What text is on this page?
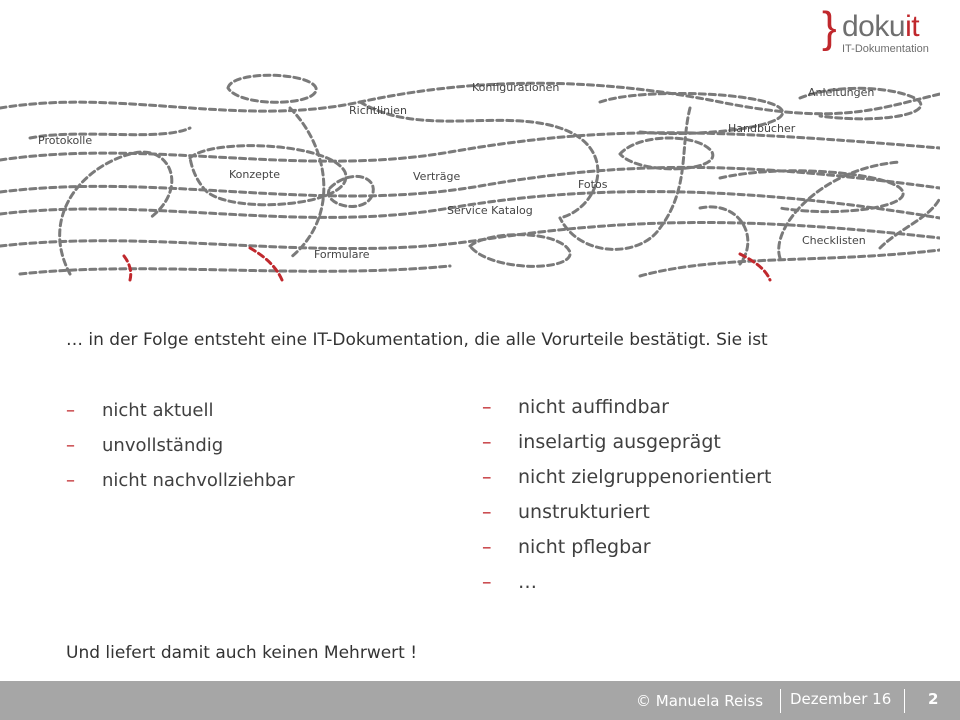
} dokuit
IT-Dokumentation
Konfigurationen
Richtlinien
Anleitungen
Protokolle
Handbücher
Konzepte	Verträge
Fotos
Service Katalog
Formulare
Checklisten
… in der Folge entsteht eine IT-Dokumentation, die alle Vorurteile bestätigt. Sie ist
– nicht aktuell
– unvollständig
– nicht nachvollziehbar
– nicht auffindbar
– inselartig ausgeprägt
– nicht zielgruppenorientiert
– unstrukturiert
– nicht pflegbar
– …
Und liefert damit auch keinen Mehrwert !
© Manuela Reiss Dezember 16 2
